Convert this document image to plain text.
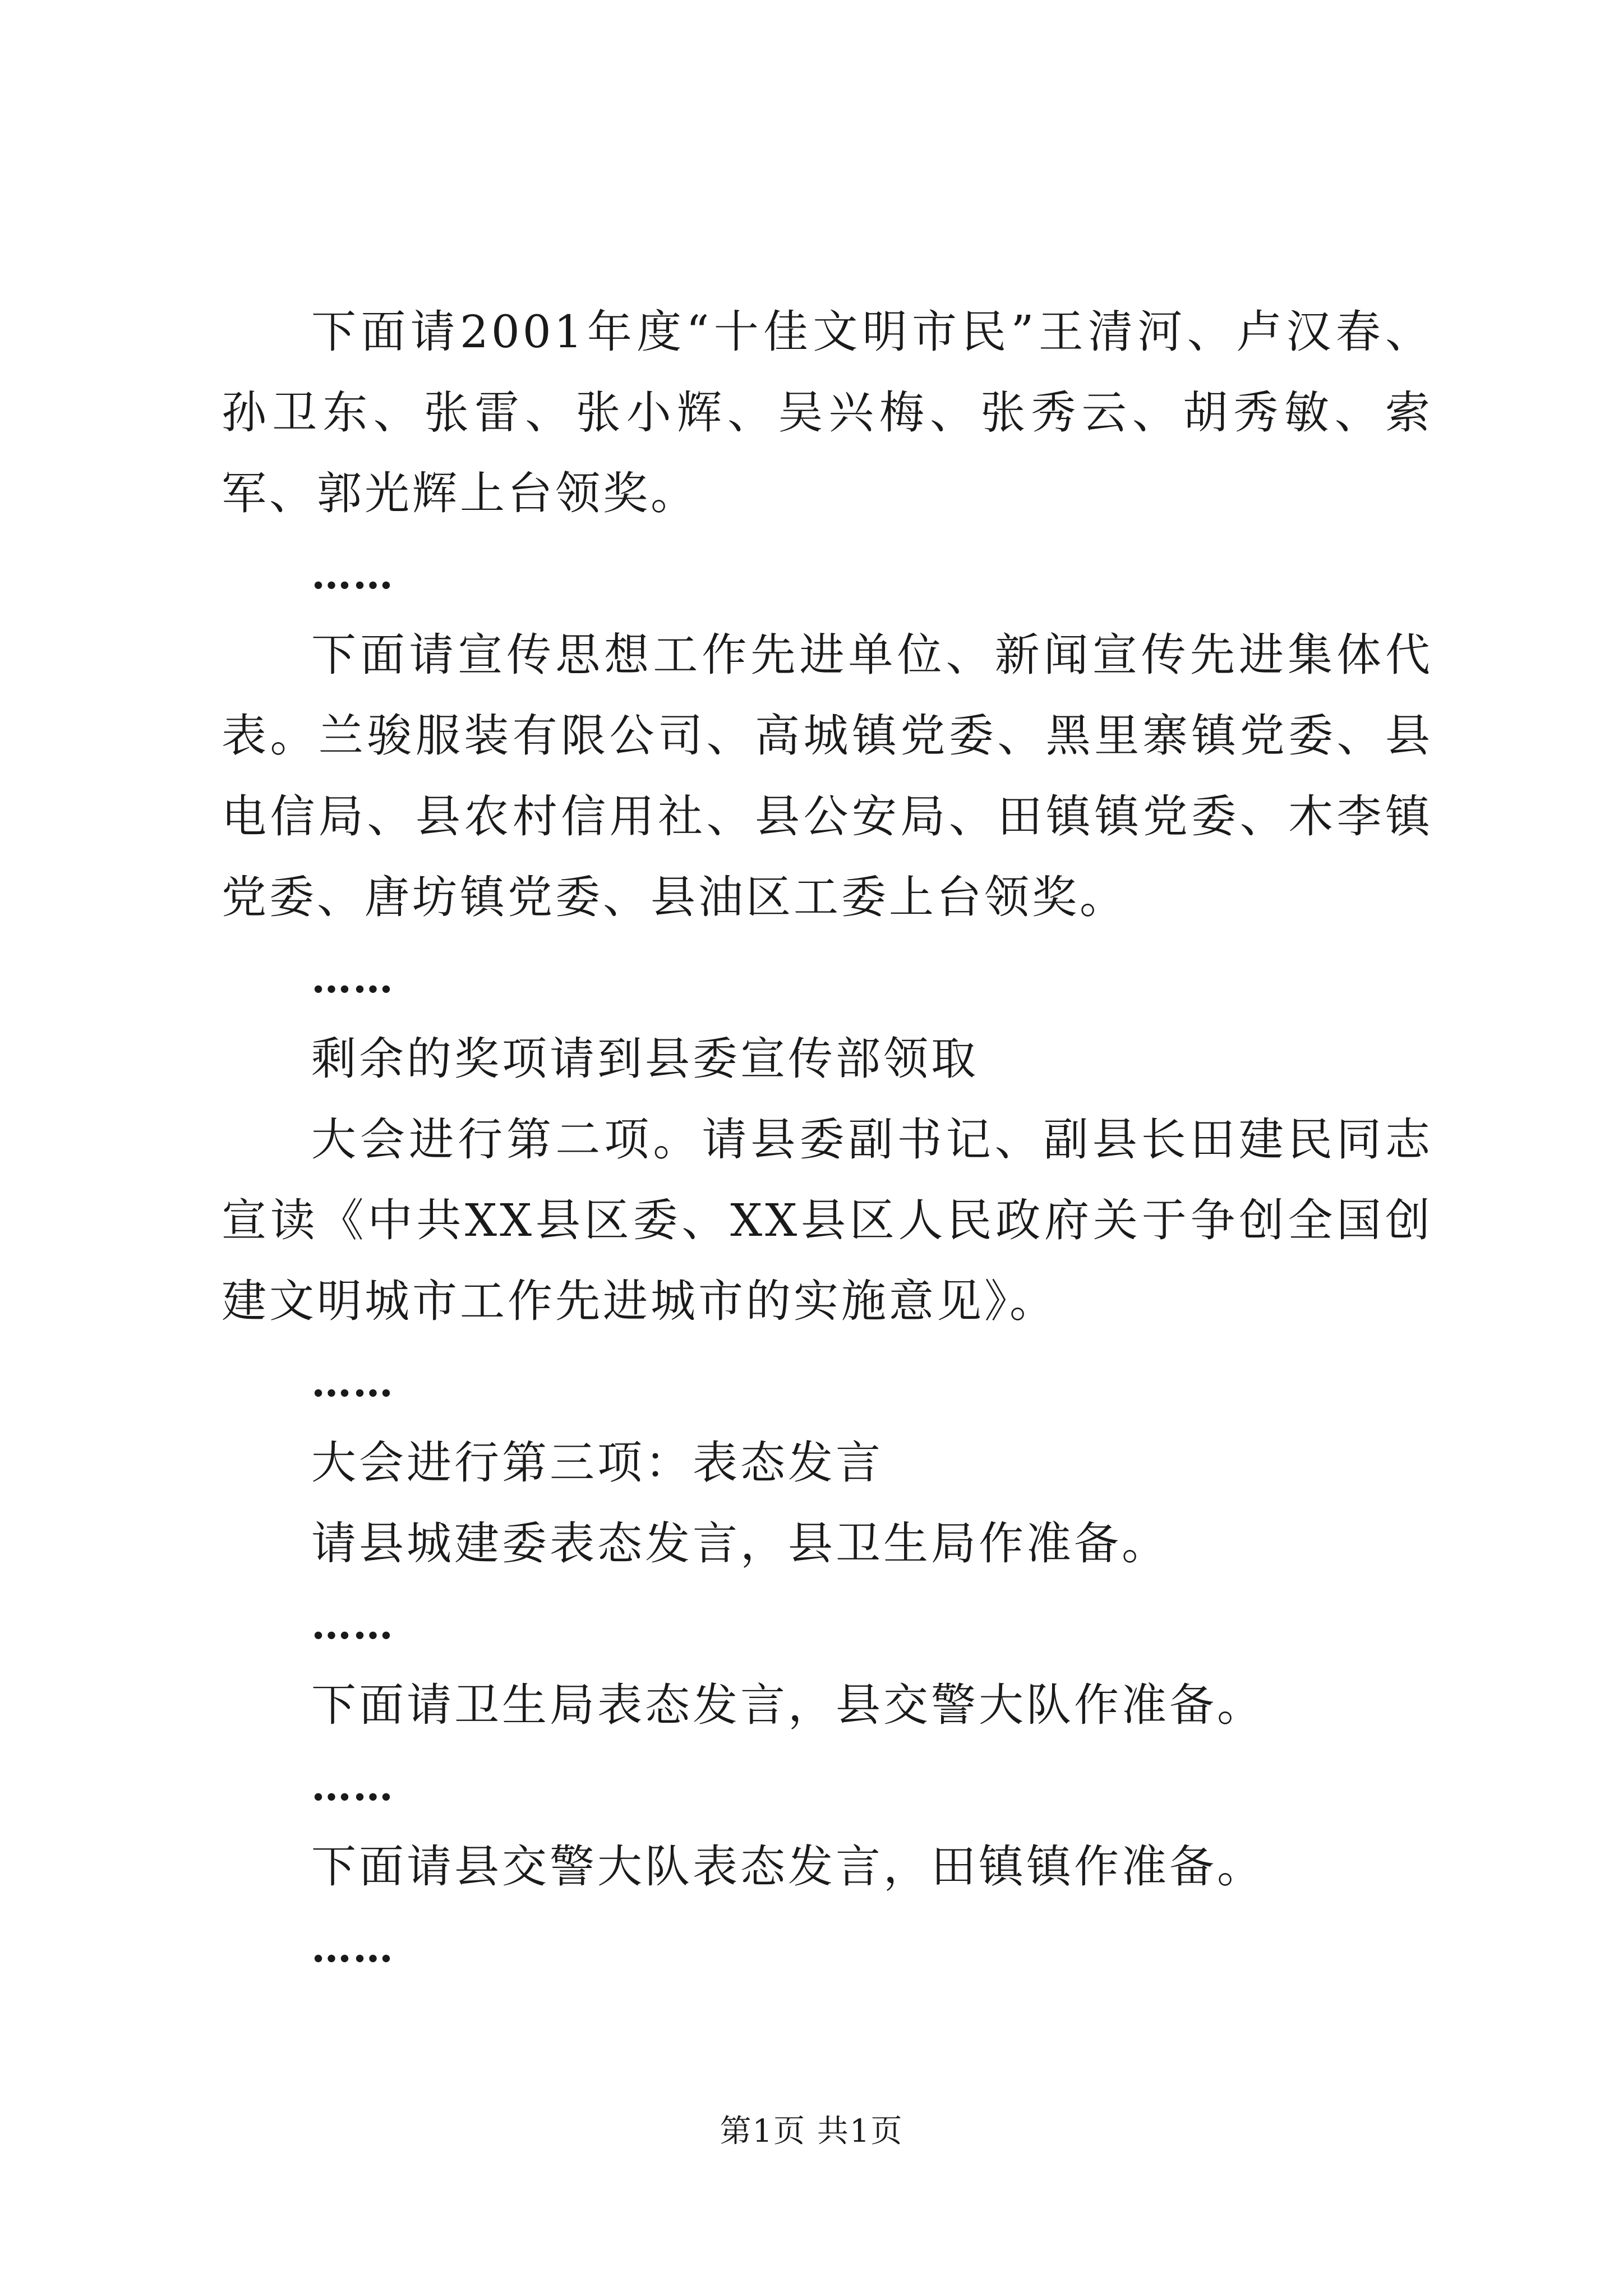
下面请2001年度“十佳文明市民”王清河、卢汉春、孙卫东、张雷、张小辉、吴兴梅、张秀云、胡秀敏、索军、郭光辉上台领奖。

……

下面请宣传思想工作先进单位、新闻宣传先进集体代表。兰骏服装有限公司、高城镇党委、黑里寨镇党委、县电信局、县农村信用社、县公安局、田镇镇党委、木李镇党委、唐坊镇党委、县油区工委上台领奖。

……

剩余的奖项请到县委宣传部领取

大会进行第二项。请县委副书记、副县长田建民同志宣读《中共XX县区委、XX县区人民政府关于争创全国创建文明城市工作先进城市的实施意见》。

……

大会进行第三项：表态发言

请县城建委表态发言，县卫生局作准备。

……

下面请卫生局表态发言，县交警大队作准备。

……

下面请县交警大队表态发言，田镇镇作准备。

……

第1页 共1页
